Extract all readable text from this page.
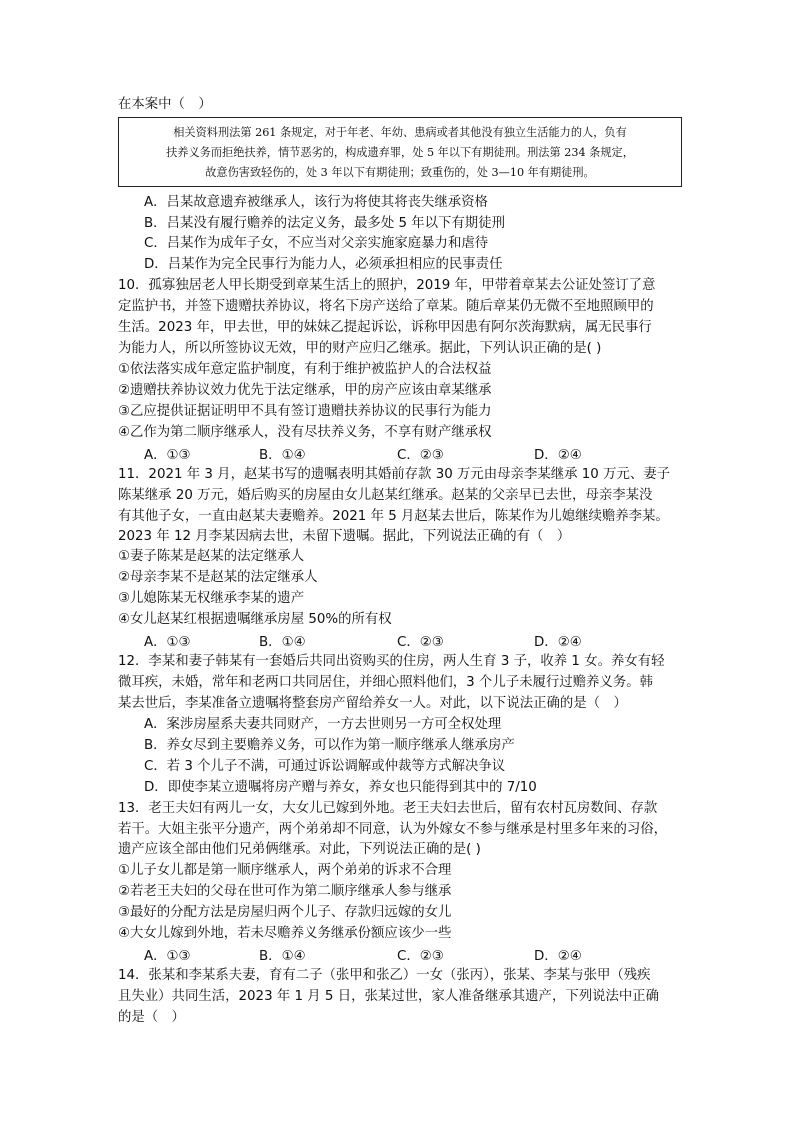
在本案中（　）
相关资料刑法第 261 条规定，对于年老、年幼、患病或者其他没有独立生活能力的人，负有
扶养义务而拒绝扶养，情节恶劣的，构成遗弃罪，处 5 年以下有期徒刑。刑法第 234 条规定，
故意伤害致轻伤的，处 3 年以下有期徒刑；致重伤的，处 3—10 年有期徒刑。
A．吕某故意遗弃被继承人，该行为将使其将丧失继承资格
B．吕某没有履行赡养的法定义务，最多处 5 年以下有期徒刑
C．吕某作为成年子女，不应当对父亲实施家庭暴力和虐待
D．吕某作为完全民事行为能力人，必须承担相应的民事责任
10．孤寡独居老人甲长期受到章某生活上的照护，2019 年，甲带着章某去公证处签订了意
定监护书，并签下遗赠扶养协议，将名下房产送给了章某。随后章某仍无微不至地照顾甲的
生活。2023 年，甲去世，甲的妹妹乙提起诉讼，诉称甲因患有阿尔茨海默病，属无民事行
为能力人，所以所签协议无效，甲的财产应归乙继承。据此，下列认识正确的是( )
①依法落实成年意定监护制度，有利于维护被监护人的合法权益
②遗赠扶养协议效力优先于法定继承，甲的房产应该由章某继承
③乙应提供证据证明甲不具有签订遗赠扶养协议的民事行为能力
④乙作为第二顺序继承人，没有尽扶养义务，不享有财产继承权
A．①③	B．①④	C．②③	D．②④
11．2021 年 3 月，赵某书写的遗嘱表明其婚前存款 30 万元由母亲李某继承 10 万元、妻子
陈某继承 20 万元，婚后购买的房屋由女儿赵某红继承。赵某的父亲早已去世，母亲李某没
有其他子女，一直由赵某夫妻赡养。2021 年 5 月赵某去世后，陈某作为儿媳继续赡养李某。
2023 年 12 月李某因病去世，未留下遗嘱。据此，下列说法正确的有（　）
①妻子陈某是赵某的法定继承人
②母亲李某不是赵某的法定继承人
③儿媳陈某无权继承李某的遗产
④女儿赵某红根据遗嘱继承房屋 50%的所有权
A．①③	B．①④	C．②③	D．②④
12．李某和妻子韩某有一套婚后共同出资购买的住房，两人生育 3 子，收养 1 女。养女有轻
微耳疾，未婚，常年和老两口共同居住，并细心照料他们，3 个儿子未履行过赡养义务。韩
某去世后，李某准备立遗嘱将整套房产留给养女一人。对此，以下说法正确的是（　）
A．案涉房屋系夫妻共同财产，一方去世则另一方可全权处理
B．养女尽到主要赡养义务，可以作为第一顺序继承人继承房产
C．若 3 个儿子不满，可通过诉讼调解或仲裁等方式解决争议
D．即使李某立遗嘱将房产赠与养女，养女也只能得到其中的 7/10
13．老王夫妇有两儿一女，大女儿已嫁到外地。老王夫妇去世后，留有农村瓦房数间、存款
若干。大姐主张平分遗产，两个弟弟却不同意，认为外嫁女不参与继承是村里多年来的习俗，
遗产应该全部由他们兄弟俩继承。对此，下列说法正确的是( )
①儿子女儿都是第一顺序继承人，两个弟弟的诉求不合理
②若老王夫妇的父母在世可作为第二顺序继承人参与继承
③最好的分配方法是房屋归两个儿子、存款归远嫁的女儿
④大女儿嫁到外地，若未尽赡养义务继承份额应该少一些
A．①③	B．①④	C．②③	D．②④
14．张某和李某系夫妻，育有二子（张甲和张乙）一女（张丙），张某、李某与张甲（残疾
且失业）共同生活，2023 年 1 月 5 日，张某过世，家人准备继承其遗产，下列说法中正确
的是（　）
